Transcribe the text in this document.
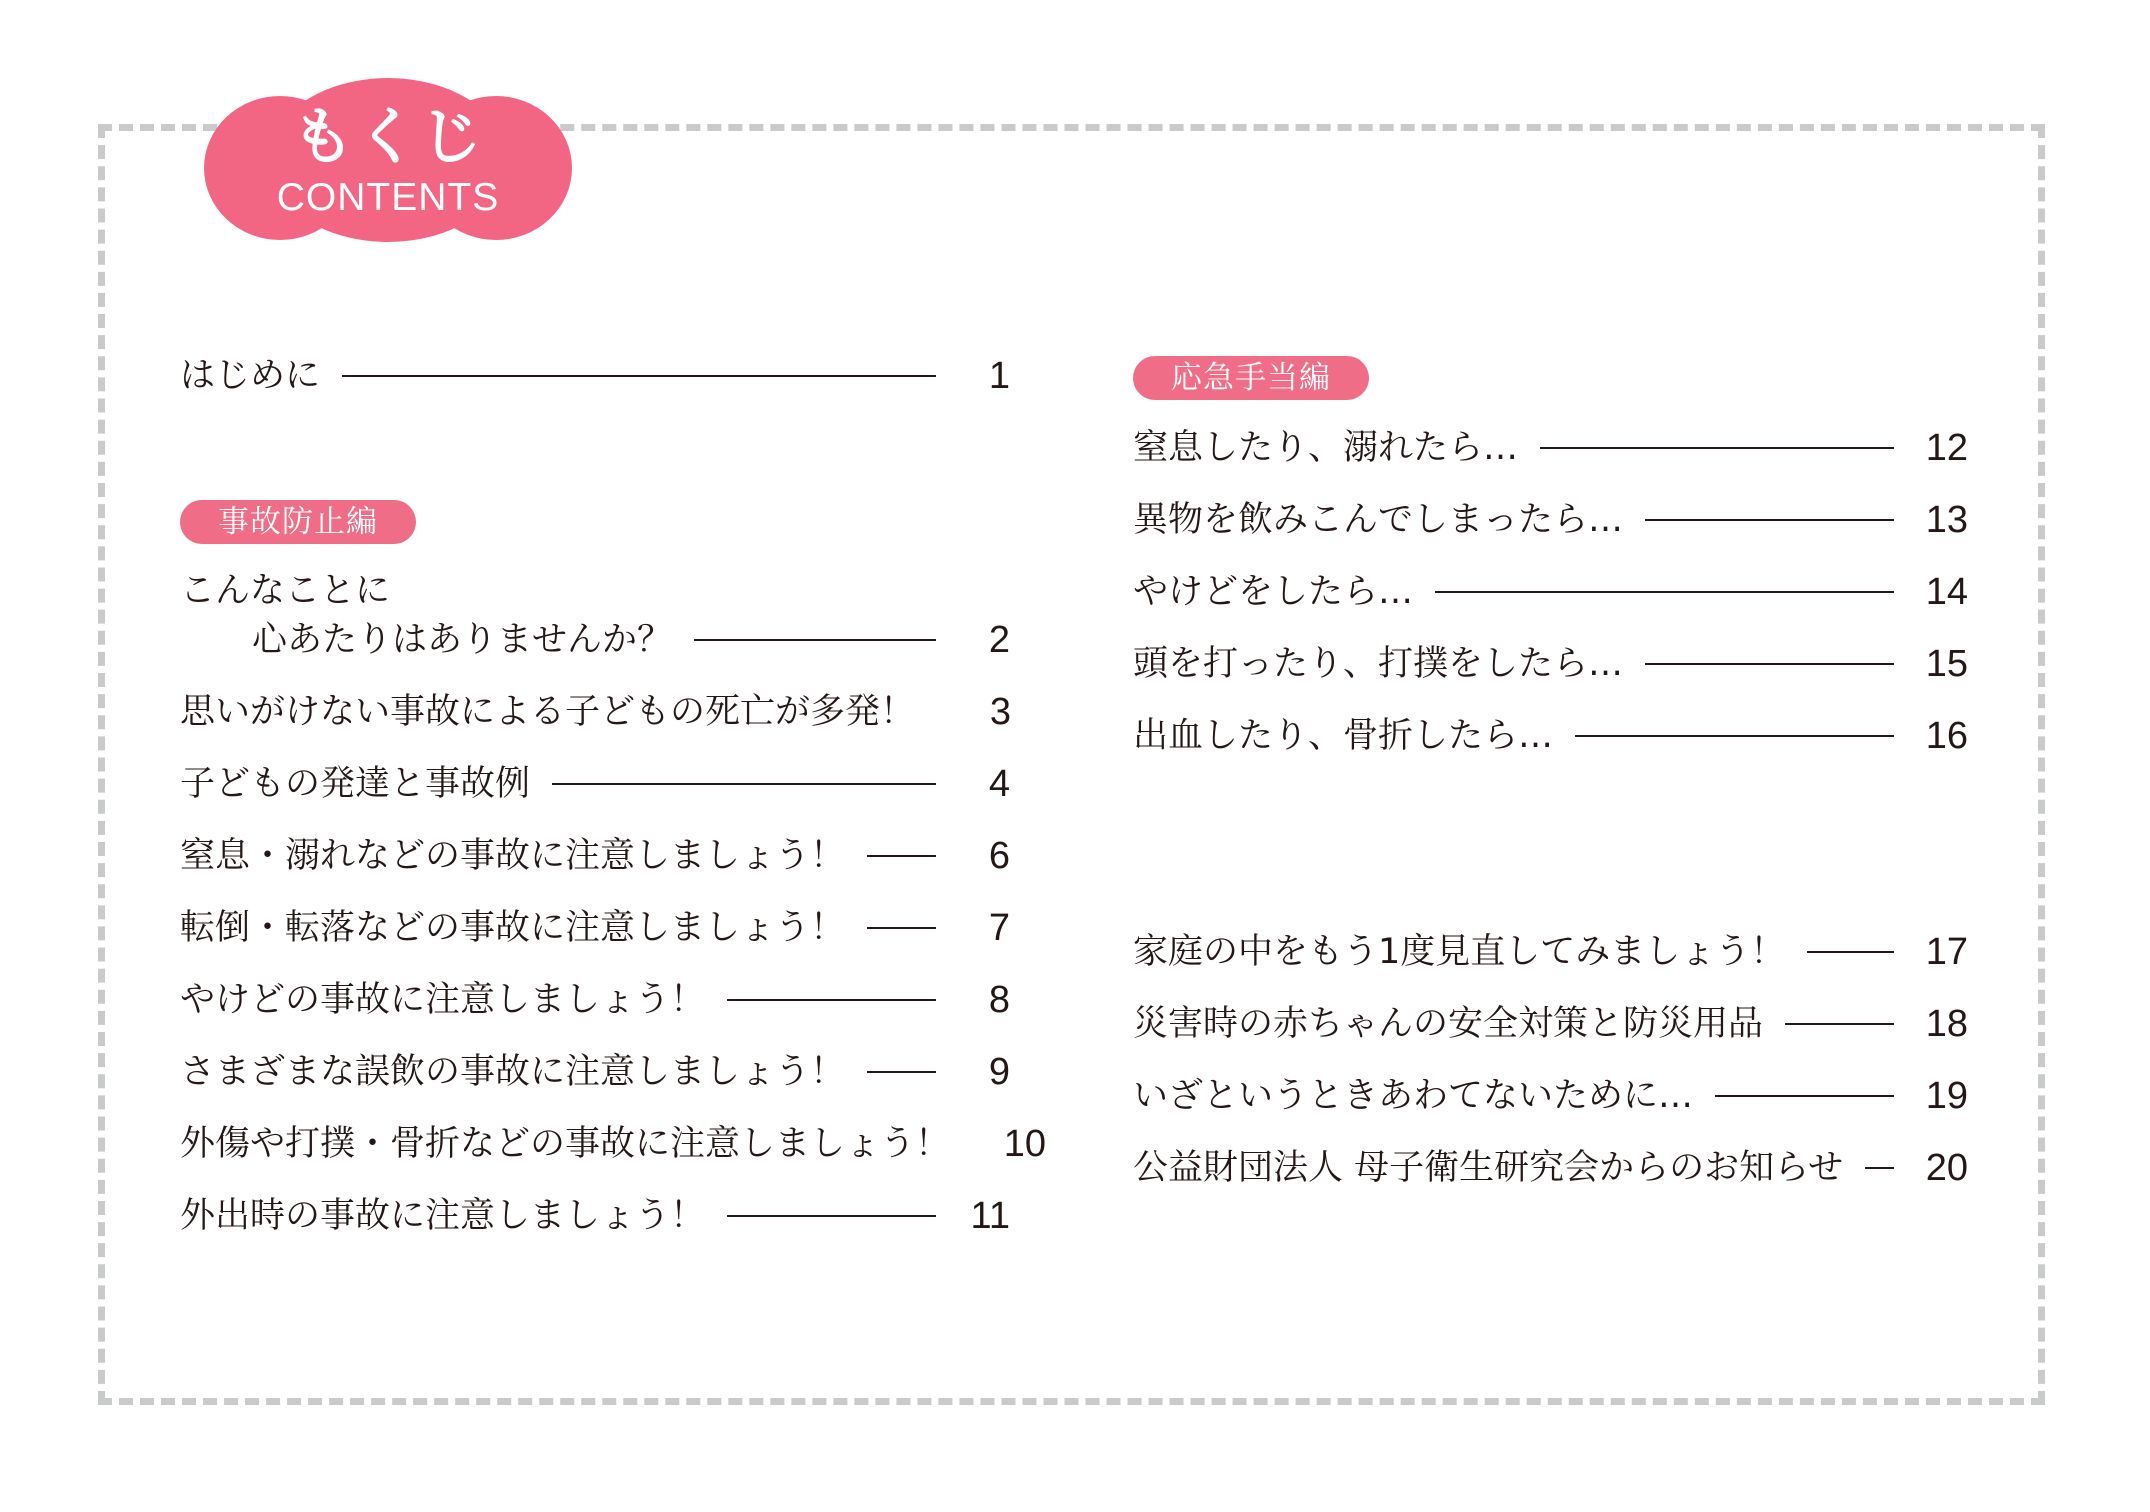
もくじ
CONTENTS
はじめに	1
事故防止編
こんなことに
心あたりはありませんか？	2
思いがけない事故による子どもの死亡が多発！	3
子どもの発達と事故例	4
窒息・溺れなどの事故に注意しましょう！	6
転倒・転落などの事故に注意しましょう！	7
やけどの事故に注意しましょう！	8
さまざまな誤飲の事故に注意しましょう！	9
外傷や打撲・骨折などの事故に注意しましょう！	10
外出時の事故に注意しましょう！	11
応急手当編
窒息したり、溺れたら…	12
異物を飲みこんでしまったら…	13
やけどをしたら…	14
頭を打ったり、打撲をしたら…	15
出血したり、骨折したら…	16
家庭の中をもう1度見直してみましょう！	17
災害時の赤ちゃんの安全対策と防災用品	18
いざというときあわてないために…	19
公益財団法人 母子衛生研究会からのお知らせ	20
